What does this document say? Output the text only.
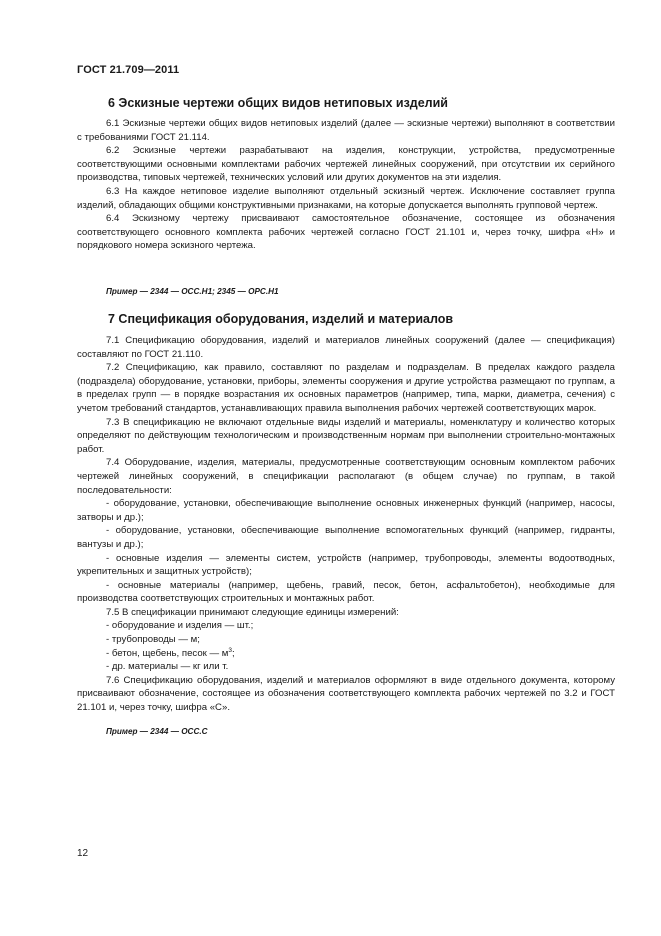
ГОСТ 21.709—2011
6 Эскизные чертежи общих видов нетиповых изделий

6.1 Эскизные чертежи общих видов нетиповых изделий (далее — эскизные чертежи) выполняют в соответствии с требованиями ГОСТ 21.114.

6.2 Эскизные чертежи разрабатывают на изделия, конструкции, устройства, предусмотренные соответствующими основными комплектами рабочих чертежей линейных сооружений, при отсутствии их серийного производства, типовых чертежей, технических условий или других документов на эти изделия.

6.3 На каждое нетиповое изделие выполняют отдельный эскизный чертеж. Исключение составляет группа изделий, обладающих общими конструктивными признаками, на которые допускается выполнять групповой чертеж.

6.4 Эскизному чертежу присваивают самостоятельное обозначение, состоящее из обозначения соответствующего основного комплекта рабочих чертежей согласно ГОСТ 21.101 и, через точку, шифра «Н» и порядкового номера эскизного чертежа.

Пример — 2344 — ОСС.Н1; 2345 — ОРС.Н1
7 Спецификация оборудования, изделий и материалов

7.1 Спецификацию оборудования, изделий и материалов линейных сооружений (далее — спецификация) составляют по ГОСТ 21.110.

7.2 Спецификацию, как правило, составляют по разделам и подразделам. В пределах каждого раздела (подраздела) оборудование, установки, приборы, элементы сооружения и другие устройства размещают по группам, а в пределах групп — в порядке возрастания их основных параметров (например, типа, марки, диаметра, сечения) с учетом требований стандартов, устанавливающих правила выполнения рабочих чертежей соответствующих марок.

7.3 В спецификацию не включают отдельные виды изделий и материалы, номенклатуру и количество которых определяют по действующим технологическим и производственным нормам при выполнении строительно-монтажных работ.

7.4 Оборудование, изделия, материалы, предусмотренные соответствующим основным комплектом рабочих чертежей линейных сооружений, в спецификации располагают (в общем случае) по группам, в такой последовательности:

- оборудование, установки, обеспечивающие выполнение основных инженерных функций (например, насосы, затворы и др.);

- оборудование, установки, обеспечивающие выполнение вспомогательных функций (например, гидранты, вантузы и др.);

- основные изделия — элементы систем, устройств (например, трубопроводы, элементы водоотводных, укрепительных и защитных устройств);

- основные материалы (например, щебень, гравий, песок, бетон, асфальтобетон), необходимые для производства соответствующих строительных и монтажных работ.

7.5 В спецификации принимают следующие единицы измерений:

- оборудование и изделия — шт.;

- трубопроводы — м;

- бетон, щебень, песок — $м^3$;

- др. материалы — кг или т.

7.6 Спецификацию оборудования, изделий и материалов оформляют в виде отдельного документа, которому присваивают обозначение, состоящее из обозначения соответствующего комплекта рабочих чертежей по 3.2 и ГОСТ 21.101 и, через точку, шифра «С».

Пример — 2344 — ОСС.С
12
